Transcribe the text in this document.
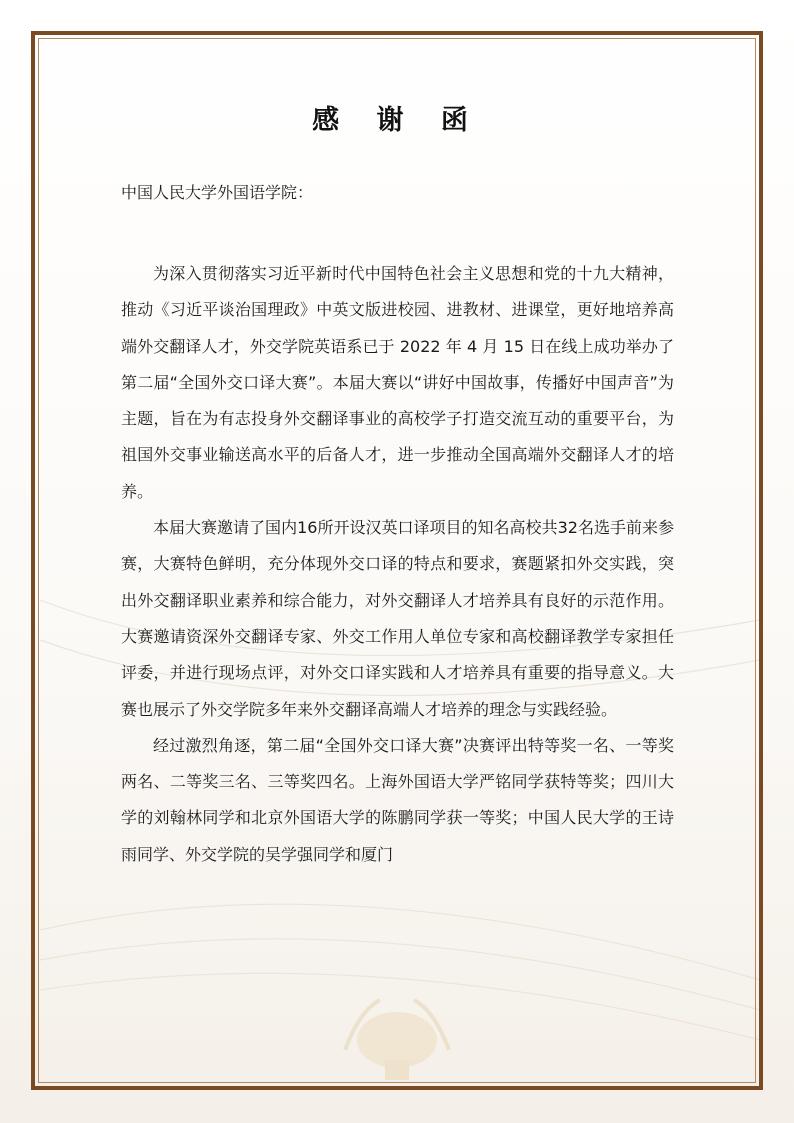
感 谢 函
中国人民大学外国语学院：

为深入贯彻落实习近平新时代中国特色社会主义思想和党的十九大精神，推动《习近平谈治国理政》中英文版进校园、进教材、进课堂，更好地培养高端外交翻译人才，外交学院英语系已于 2022 年 4 月 15 日在线上成功举办了第二届“全国外交口译大赛”。本届大赛以“讲好中国故事，传播好中国声音”为主题，旨在为有志投身外交翻译事业的高校学子打造交流互动的重要平台，为祖国外交事业输送高水平的后备人才，进一步推动全国高端外交翻译人才的培养。

本届大赛邀请了国内16所开设汉英口译项目的知名高校共32名选手前来参赛，大赛特色鲜明，充分体现外交口译的特点和要求，赛题紧扣外交实践，突出外交翻译职业素养和综合能力，对外交翻译人才培养具有良好的示范作用。大赛邀请资深外交翻译专家、外交工作用人单位专家和高校翻译教学专家担任评委，并进行现场点评，对外交口译实践和人才培养具有重要的指导意义。大赛也展示了外交学院多年来外交翻译高端人才培养的理念与实践经验。

经过激烈角逐，第二届“全国外交口译大赛”决赛评出特等奖一名、一等奖两名、二等奖三名、三等奖四名。上海外国语大学严铭同学获特等奖；四川大学的刘翰林同学和北京外国语大学的陈鹏同学获一等奖；中国人民大学的王诗雨同学、外交学院的吴学强同学和厦门
